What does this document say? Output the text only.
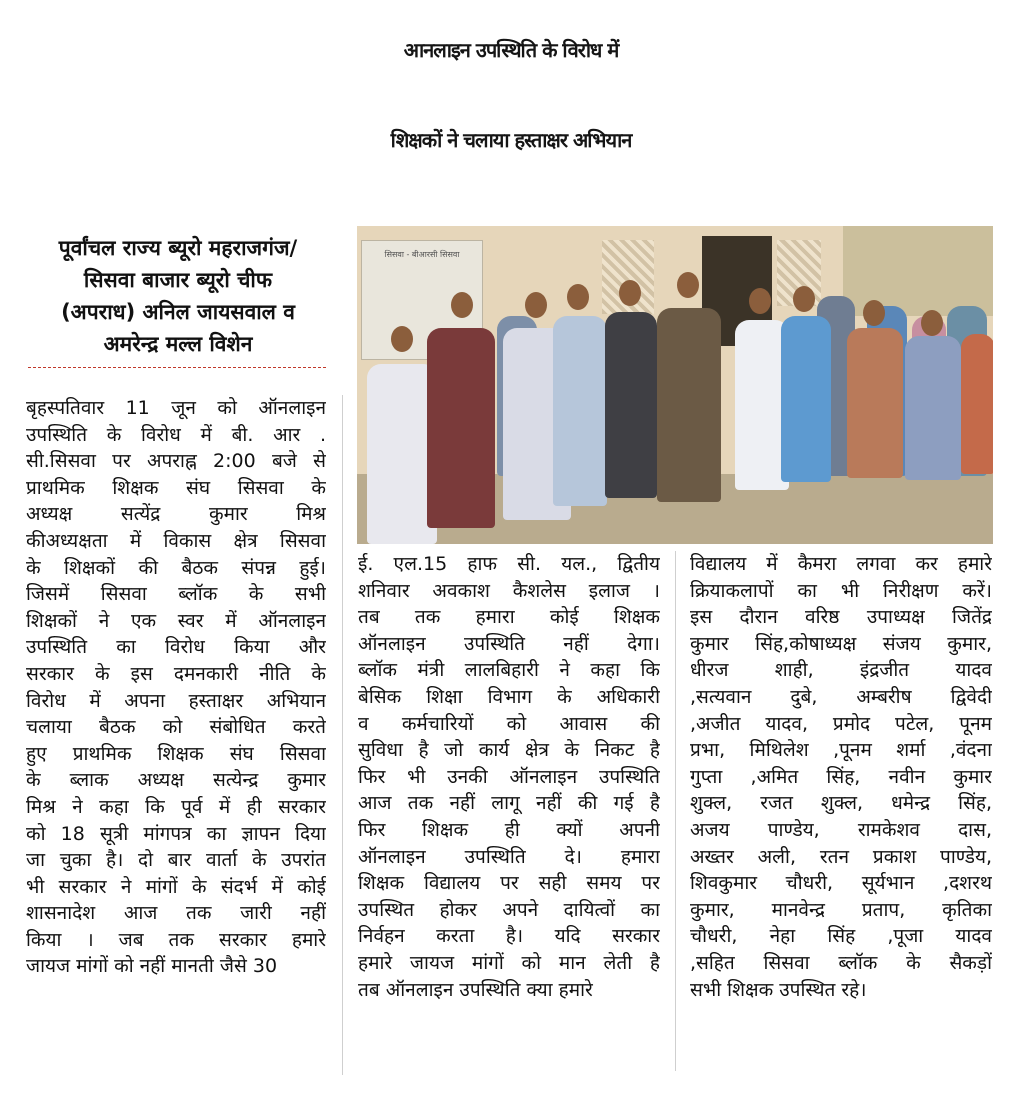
आनलाइन उपस्थिति के विरोध में
शिक्षकों ने चलाया हस्ताक्षर अभियान
पूर्वांचल राज्य ब्यूरो महराजगंज/
सिसवा बाजार ब्यूरो चीफ
(अपराध) अनिल जायसवाल व
अमरेन्द्र मल्ल विशेन
सिसवा - बीआरसी सिसवा
बृहस्पतिवार 11 जून को ऑनलाइन
उपस्थिति के विरोध में बी. आर .
सी.सिसवा पर अपराह्न 2:00 बजे से
प्राथमिक शिक्षक संघ सिसवा के
अध्यक्ष सत्येंद्र कुमार मिश्र
कीअध्यक्षता में विकास क्षेत्र सिसवा
के शिक्षकों की बैठक संपन्न हुई।
जिसमें सिसवा ब्लॉक के सभी
शिक्षकों ने एक स्वर में ऑनलाइन
उपस्थिति का विरोध किया और
सरकार के इस दमनकारी नीति के
विरोध में अपना हस्ताक्षर अभियान
चलाया बैठक को संबोधित करते
हुए प्राथमिक शिक्षक संघ सिसवा
के ब्लाक अध्यक्ष सत्येन्द्र कुमार
मिश्र ने कहा कि पूर्व में ही सरकार
को 18 सूत्री मांगपत्र का ज्ञापन दिया
जा चुका है। दो बार वार्ता के उपरांत
भी सरकार ने मांगों के संदर्भ में कोई
शासनादेश आज तक जारी नहीं
किया । जब तक सरकार हमारे
जायज मांगों को नहीं मानती जैसे 30
ई. एल.15 हाफ सी. यल., द्वितीय
शनिवार अवकाश कैशलेस इलाज ।
तब तक हमारा कोई शिक्षक
ऑनलाइन उपस्थिति नहीं देगा।
ब्लॉक मंत्री लालबिहारी ने कहा कि
बेसिक शिक्षा विभाग के अधिकारी
व कर्मचारियों को आवास की
सुविधा है जो कार्य क्षेत्र के निकट है
फिर भी उनकी ऑनलाइन उपस्थिति
आज तक नहीं लागू नहीं की गई है
फिर शिक्षक ही क्यों अपनी
ऑनलाइन उपस्थिति दे। हमारा
शिक्षक विद्यालय पर सही समय पर
उपस्थित होकर अपने दायित्वों का
निर्वहन करता है। यदि सरकार
हमारे जायज मांगों को मान लेती है
तब ऑनलाइन उपस्थिति क्या हमारे
विद्यालय में कैमरा लगवा कर हमारे
क्रियाकलापों का भी निरीक्षण करें।
इस दौरान वरिष्ठ उपाध्यक्ष जितेंद्र
कुमार सिंह,कोषाध्यक्ष संजय कुमार,
धीरज शाही, इंद्रजीत यादव
,सत्यवान दुबे, अम्बरीष द्विवेदी
,अजीत यादव, प्रमोद पटेल, पूनम
प्रभा, मिथिलेश ,पूनम शर्मा ,वंदना
गुप्ता ,अमित सिंह, नवीन कुमार
शुक्ल, रजत शुक्ल, धमेन्द्र सिंह,
अजय पाण्डेय, रामकेशव दास,
अख्तर अली, रतन प्रकाश पाण्डेय,
शिवकुमार चौधरी, सूर्यभान ,दशरथ
कुमार, मानवेन्द्र प्रताप, कृतिका
चौधरी, नेहा सिंह ,पूजा यादव
,सहित सिसवा ब्लॉक के सैकड़ों
सभी शिक्षक उपस्थित रहे।
